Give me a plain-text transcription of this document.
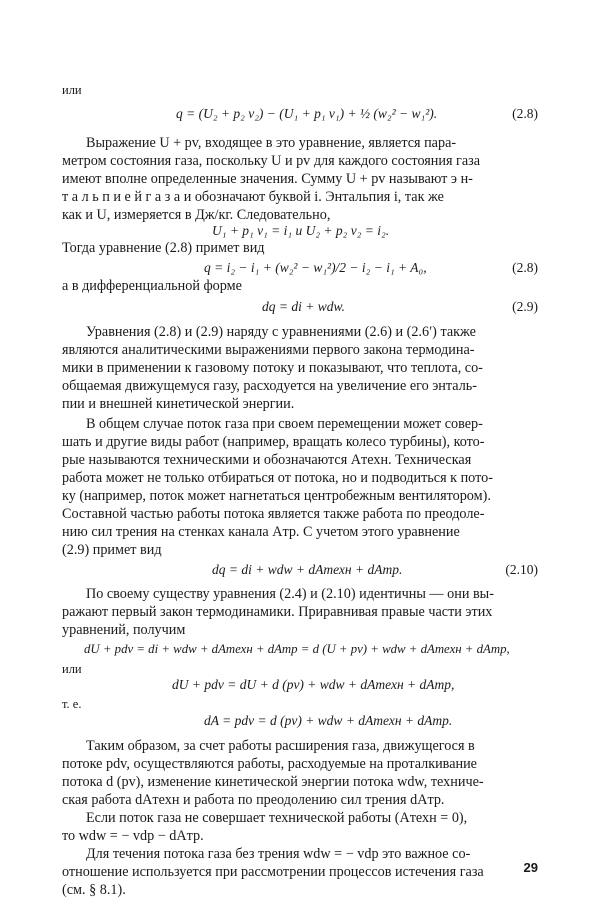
или
q = (U₂ + p₂ v₂) − (U₁ + p₁ v₁) + ½ (w₂² − w₁²).	(2.8)
Выражение U + pv, входящее в это уравнение, является пара-
метром состояния газа, поскольку U и pv для каждого состояния газа
имеют вполне определенные значения. Сумму U + pv называют э н-
т а л ь п и е й г а з а и обозначают буквой i. Энтальпия i, так же
как и U, измеряется в Дж/кг. Следовательно,
U₁ + p₁ v₁ = i₁ и U₂ + p₂ v₂ = i₂.
Тогда уравнение (2.8) примет вид
q = i₂ − i₁ + (w₂² − w₁²)/2 − i₂ − i₁ + A₀,	(2.8)
а в дифференциальной форме
dq = di + wdw.	(2.9)
Уравнения (2.8) и (2.9) наряду с уравнениями (2.6) и (2.6′) также
являются аналитическими выражениями первого закона термодина-
мики в применении к газовому потоку и показывают, что теплота, со-
общаемая движущемуся газу, расходуется на увеличение его энталь-
пии и внешней кинетической энергии.
В общем случае поток газа при своем перемещении может совер-
шать и другие виды работ (например, вращать колесо турбины), кото-
рые называются техническими и обозначаются Aтехн. Техническая
работа может не только отбираться от потока, но и подводиться к пото-
ку (например, поток может нагнетаться центробежным вентилятором).
Составной частью работы потока является также работа по преодоле-
нию сил трения на стенках канала Aтр. С учетом этого уравнение
(2.9) примет вид
dq = di + wdw + dAтехн + dAтр.	(2.10)
По своему существу уравнения (2.4) и (2.10) идентичны — они вы-
ражают первый закон термодинамики. Приравнивая правые части этих
уравнений, получим
dU + pdv = di + wdw + dAтехн + dAтр = d (U + pv) + wdw + dAтехн + dAтр,
или
dU + pdv = dU + d (pv) + wdw + dAтехн + dAтр,
т. е.
dA = pdv = d (pv) + wdw + dAтехн + dAтр.
Таким образом, за счет работы расширения газа, движущегося в
потоке pdv, осуществляются работы, расходуемые на проталкивание
потока d (pv), изменение кинетической энергии потока wdw, техниче-
ская работа dAтехн и работа по преодолению сил трения dAтр.
Если поток газа не совершает технической работы (Aтехн = 0),
то wdw = − vdp − dAтр.
Для течения потока газа без трения wdw = − vdp это важное со-
отношение используется при рассмотрении процессов истечения газа
(см. § 8.1).
29
